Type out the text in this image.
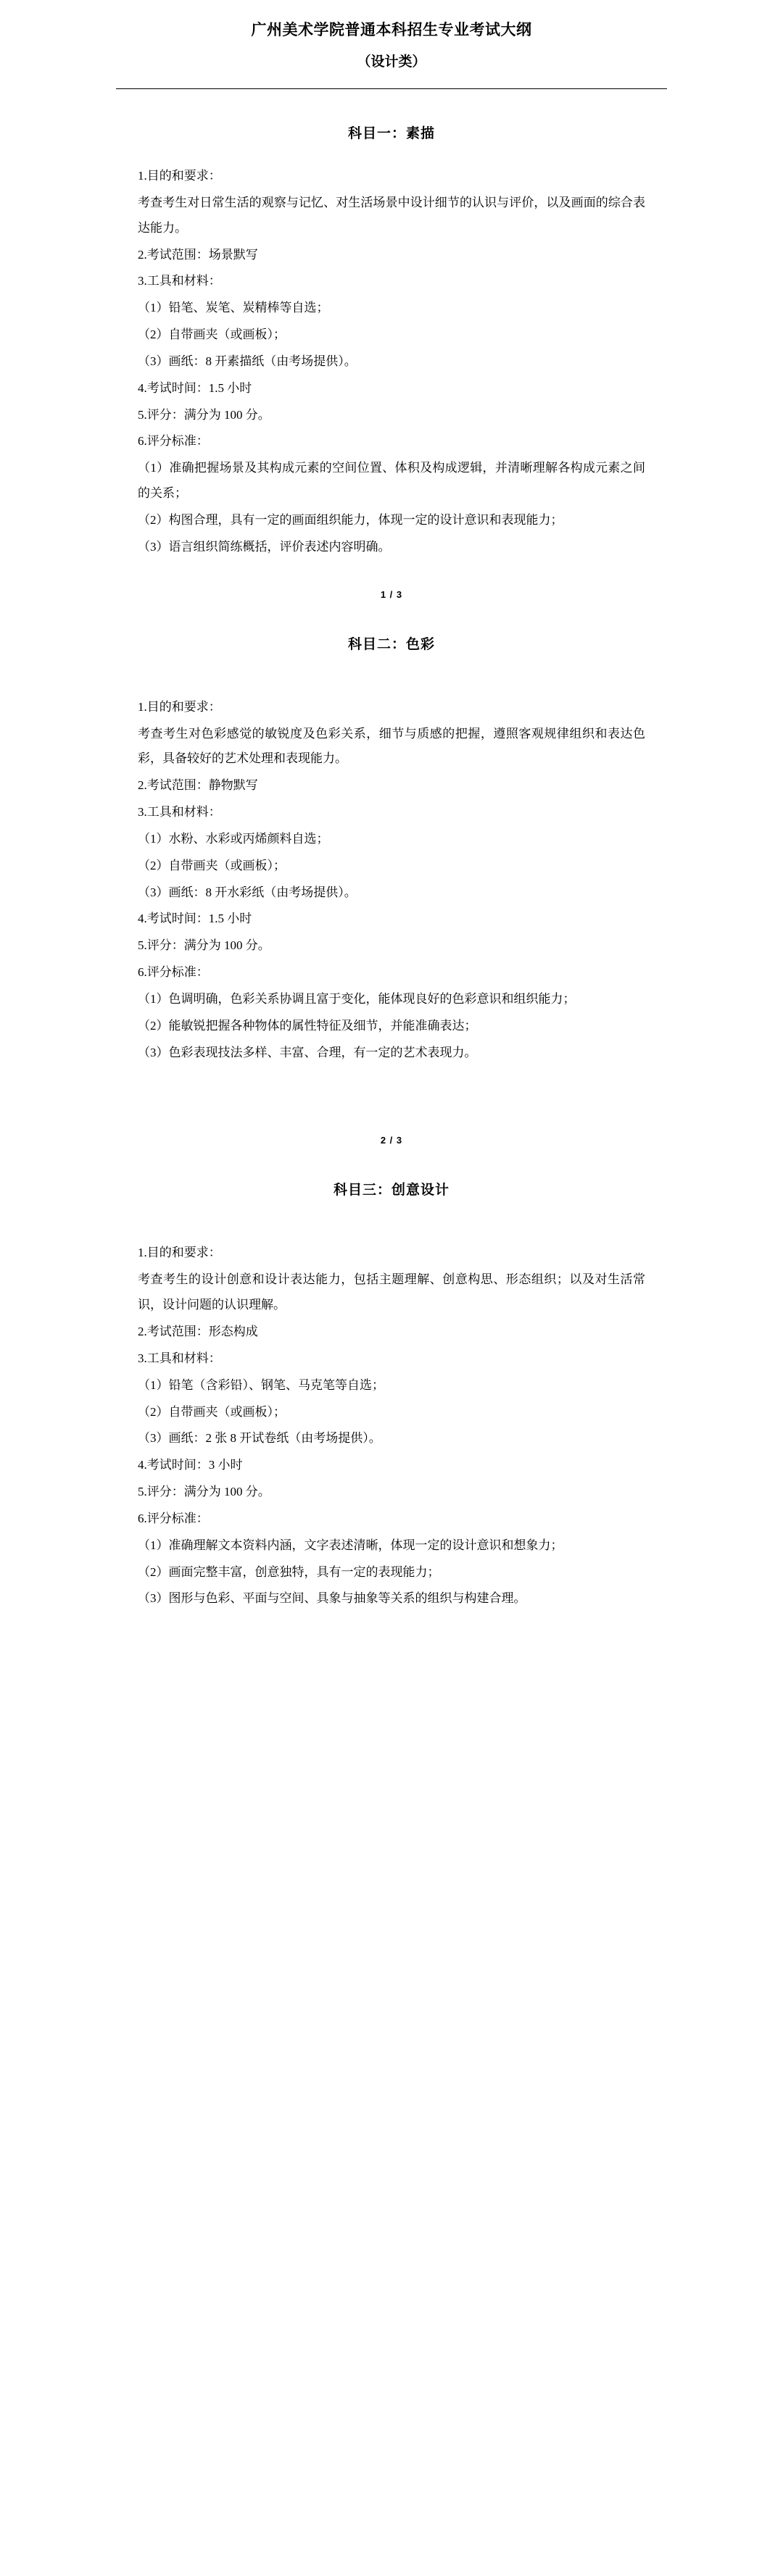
广州美术学院普通本科招生专业考试大纲
（设计类）
科目一：素描

1.目的和要求：

考查考生对日常生活的观察与记忆、对生活场景中设计细节的认识与评价，以及画面的综合表达能力。

2.考试范围：场景默写

3.工具和材料：

（1）铅笔、炭笔、炭精棒等自选；

（2）自带画夹（或画板）；

（3）画纸：8 开素描纸（由考场提供）。

4.考试时间：1.5 小时

5.评分：满分为 100 分。

6.评分标准：

（1）准确把握场景及其构成元素的空间位置、体积及构成逻辑，并清晰理解各构成元素之间的关系；

（2）构图合理，具有一定的画面组织能力，体现一定的设计意识和表现能力；

（3）语言组织简练概括，评价表述内容明确。

1 / 3
科目二：色彩

1.目的和要求：

考查考生对色彩感觉的敏锐度及色彩关系，细节与质感的把握，遵照客观规律组织和表达色彩，具备较好的艺术处理和表现能力。

2.考试范围：静物默写

3.工具和材料：

（1）水粉、水彩或丙烯颜料自选；

（2）自带画夹（或画板）；

（3）画纸：8 开水彩纸（由考场提供）。

4.考试时间：1.5 小时

5.评分：满分为 100 分。

6.评分标准：

（1）色调明确，色彩关系协调且富于变化，能体现良好的色彩意识和组织能力；

（2）能敏锐把握各种物体的属性特征及细节，并能准确表达；

（3）色彩表现技法多样、丰富、合理，有一定的艺术表现力。

2 / 3
科目三：创意设计

1.目的和要求：

考查考生的设计创意和设计表达能力，包括主题理解、创意构思、形态组织；以及对生活常识，设计问题的认识理解。

2.考试范围：形态构成

3.工具和材料：

（1）铅笔（含彩铅）、钢笔、马克笔等自选；

（2）自带画夹（或画板）；

（3）画纸：2 张 8 开试卷纸（由考场提供）。

4.考试时间：3 小时

5.评分：满分为 100 分。

6.评分标准：

（1）准确理解文本资料内涵，文字表述清晰，体现一定的设计意识和想象力；

（2）画面完整丰富，创意独特，具有一定的表现能力；

（3）图形与色彩、平面与空间、具象与抽象等关系的组织与构建合理。
